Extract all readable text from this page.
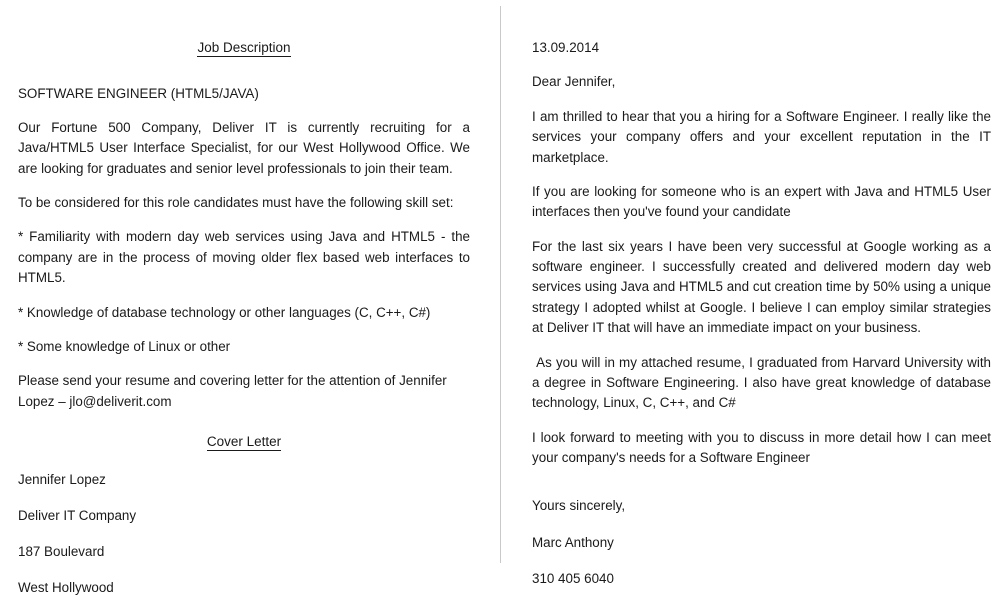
Job Description

SOFTWARE ENGINEER (HTML5/JAVA)

Our Fortune 500 Company, Deliver IT is currently recruiting for a Java/HTML5 User Interface Specialist, for our West Hollywood Office. We are looking for graduates and senior level professionals to join their team.

To be considered for this role candidates must have the following skill set:

* Familiarity with modern day web services using Java and HTML5 - the company are in the process of moving older flex based web interfaces to HTML5.

* Knowledge of database technology or other languages (C, C++, C#)

* Some knowledge of Linux or other

Please send your resume and covering letter for the attention of Jennifer Lopez – jlo@deliverit.com

Cover Letter

Jennifer Lopez

Deliver IT Company

187 Boulevard

West Hollywood

13.09.2014

Dear Jennifer,

I am thrilled to hear that you a hiring for a Software Engineer. I really like the services your company offers and your excellent reputation in the IT marketplace.

If you are looking for someone who is an expert with Java and HTML5 User interfaces then you've found your candidate

For the last six years I have been very successful at Google working as a software engineer. I successfully created and delivered modern day web services using Java and HTML5 and cut creation time by 50% using a unique strategy I adopted whilst at Google. I believe I can employ similar strategies at Deliver IT that will have an immediate impact on your business.

As you will in my attached resume, I graduated from Harvard University with a degree in Software Engineering. I also have great knowledge of database technology, Linux, C, C++, and C#

I look forward to meeting with you to discuss in more detail how I can meet your company's needs for a Software Engineer

Yours sincerely,

Marc Anthony

310 405 6040
